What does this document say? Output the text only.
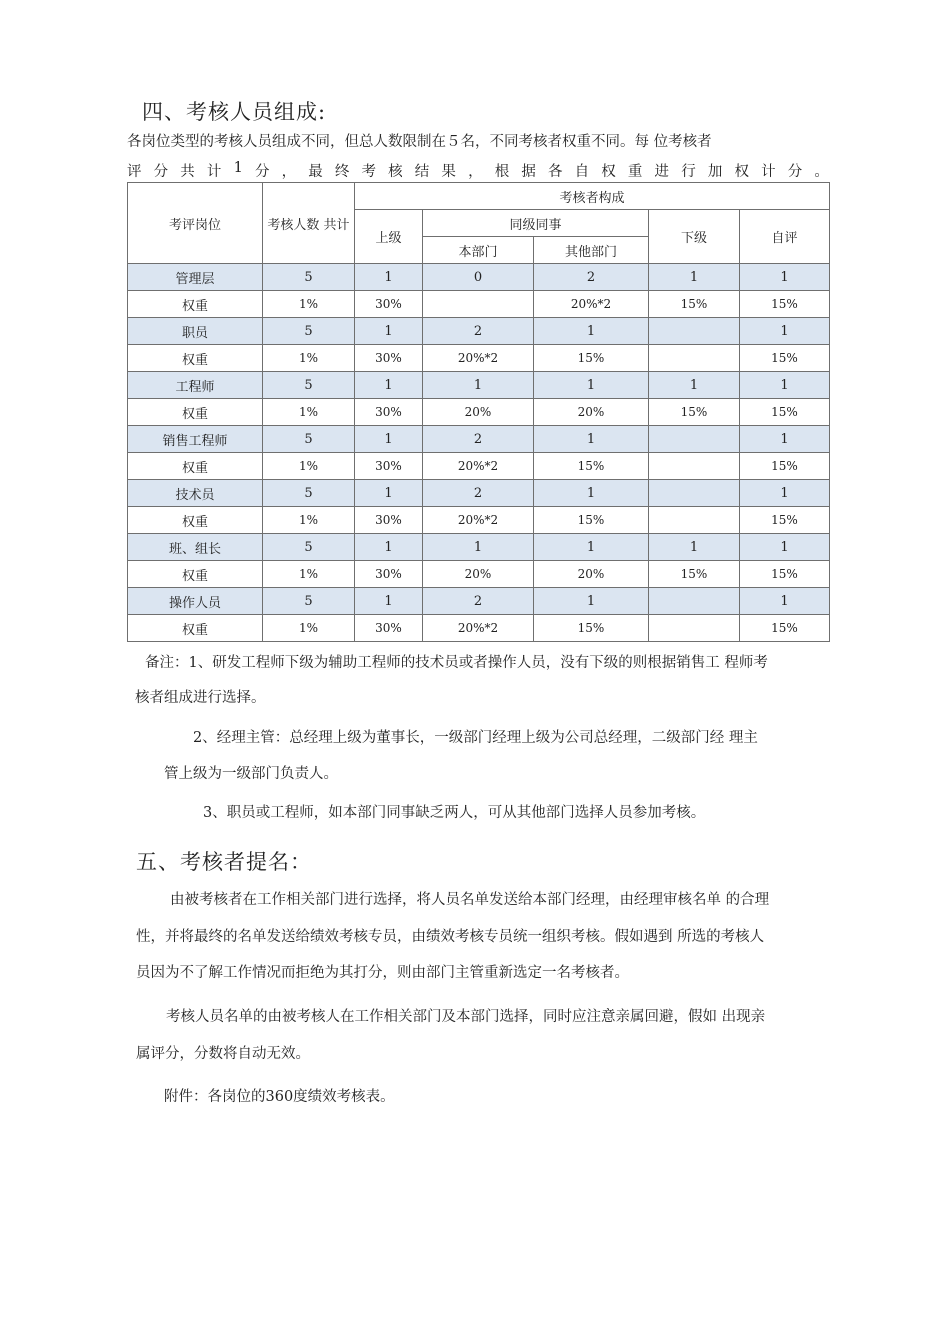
四、考核人员组成:
各岗位类型的考核人员组成不同，但总人数限制在５名，不同考核者权重不同。每 位考核者
评 分 共 计 1 分 ， 最 终 考 核 结 果 ， 根 据 各 自 权 重 进 行 加 权 计 分 。
考评岗位	考核人数 共计	考核者构成				
		上级	同级同事		下级	自评
			本部门	其他部门		
管理层	5	1	0	2	1	1
权重	1%	30%		20%*2	15%	15%
职员	5	1	2	1		1
权重	1%	30%	20%*2	15%		15%
工程师	5	1	1	1	1	1
权重	1%	30%	20%	20%	15%	15%
销售工程师	5	1	2	1		1
权重	1%	30%	20%*2	15%		15%
技术员	5	1	2	1		1
权重	1%	30%	20%*2	15%		15%
班、组长	5	1	1	1	1	1
权重	1%	30%	20%	20%	15%	15%
操作人员	5	1	2	1		1
权重	1%	30%	20%*2	15%		15%
备注：1、研发工程师下级为辅助工程师的技术员或者操作人员，没有下级的则根据销售工 程师考
核者组成进行选择。
2、经理主管：总经理上级为董事长，一级部门经理上级为公司总经理，二级部门经 理主
管上级为一级部门负责人。
3、职员或工程师，如本部门同事缺乏两人，可从其他部门选择人员参加考核。
五、考核者提名：
由被考核者在工作相关部门进行选择，将人员名单发送给本部门经理，由经理审核名单 的合理
性，并将最终的名单发送给绩效考核专员，由绩效考核专员统一组织考核。假如遇到 所选的考核人
员因为不了解工作情况而拒绝为其打分，则由部门主管重新选定一名考核者。
考核人员名单的由被考核人在工作相关部门及本部门选择，同时应注意亲属回避，假如 出现亲
属评分，分数将自动无效。
附件：各岗位的360度绩效考核表。
